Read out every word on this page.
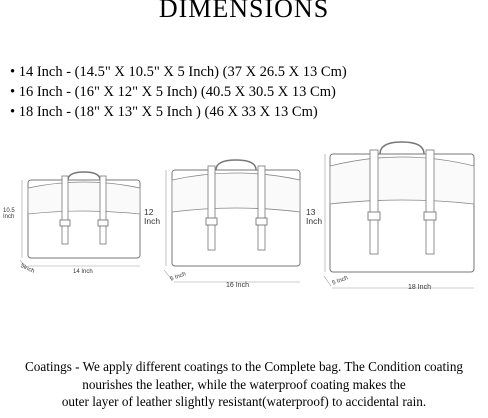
DIMENSIONS
• 14 Inch - (14.5" X 10.5" X 5 Inch) (37 X 26.5 X 13 Cm)
• 16 Inch - (16" X 12" X 5 Inch) (40.5 X 30.5 X 13 Cm)
• 18 Inch - (18" X 13" X 5 Inch ) (46 X 33 X 13 Cm)
10.5 Inch
5Inch	14 Inch
12 Inch
5 Inch
16 Inch
13 Inch
5 Inch
18 Inch
Coatings - We apply different coatings to the Complete bag. The Condition coating
nourishes the leather, while the waterproof coating makes the
outer layer of leather slightly resistant(waterproof) to accidental rain.
